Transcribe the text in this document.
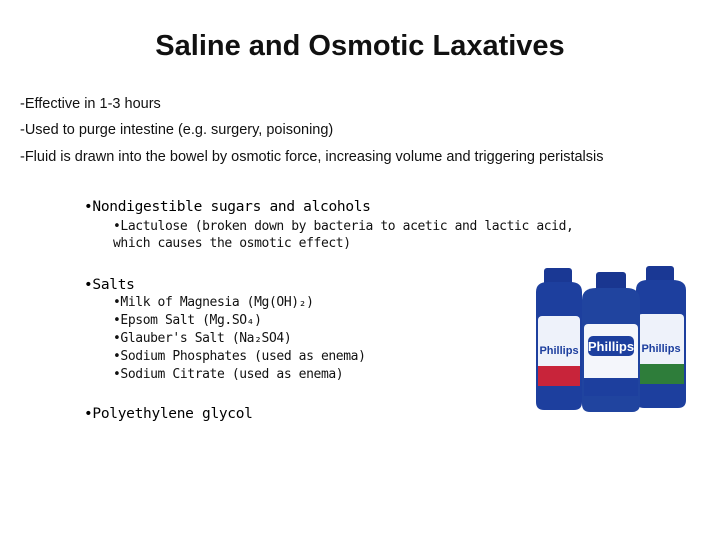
Saline and Osmotic Laxatives
-Effective in 1-3 hours
-Used to purge intestine (e.g. surgery, poisoning)
-Fluid is drawn into the bowel by osmotic force, increasing volume and triggering peristalsis
•Nondigestible sugars and alcohols
•Lactulose (broken down by bacteria to acetic and lactic acid,
which causes the osmotic effect)
•Salts
•Milk of Magnesia (Mg(OH)₂)
•Epsom Salt (Mg.SO₄)
•Glauber's Salt (Na₂SO4)
•Sodium Phosphates (used as enema)
•Sodium Citrate (used as enema)
•Polyethylene glycol
Phillips Phillips Phillips
